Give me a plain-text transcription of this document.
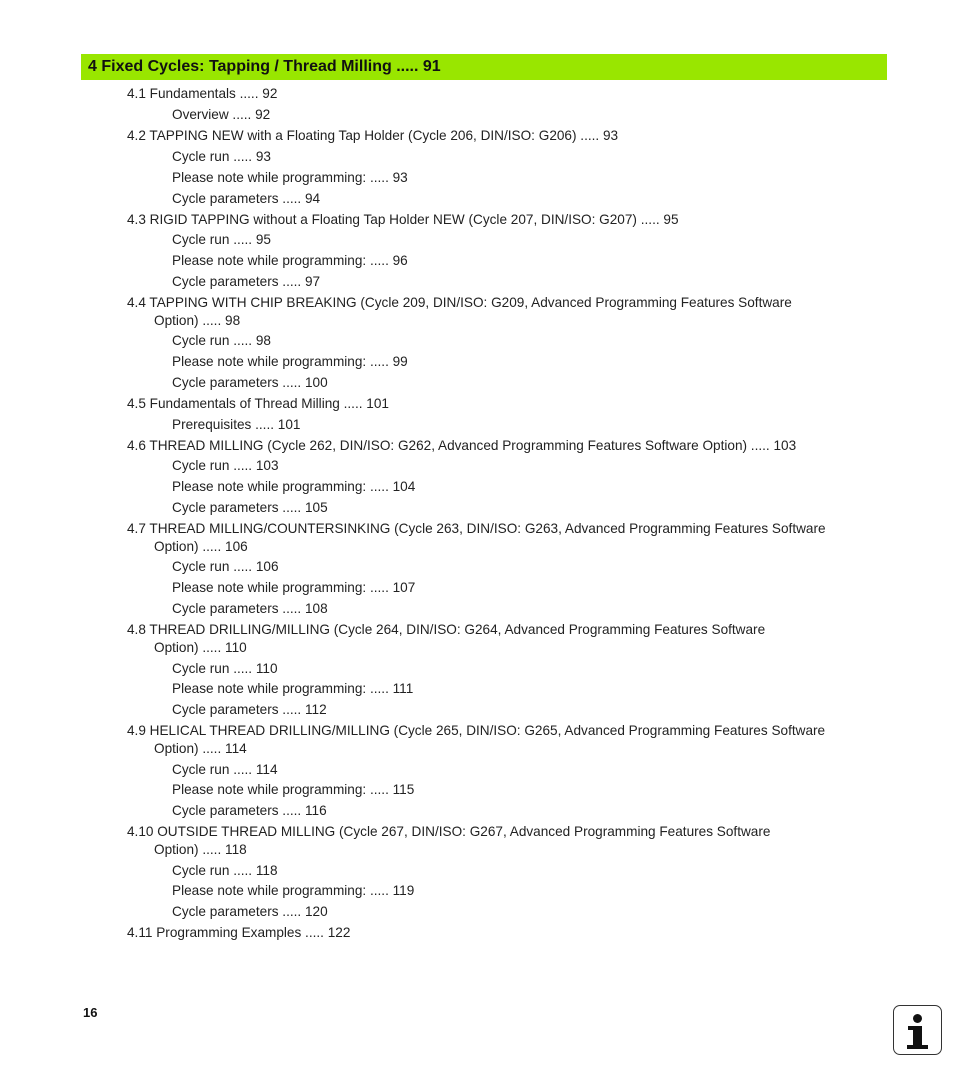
4 Fixed Cycles: Tapping / Thread Milling ..... 91
4.1 Fundamentals ..... 92
Overview ..... 92
4.2 TAPPING NEW with a Floating Tap Holder (Cycle 206, DIN/ISO: G206) ..... 93
Cycle run ..... 93
Please note while programming: ..... 93
Cycle parameters ..... 94
4.3 RIGID TAPPING without a Floating Tap Holder NEW (Cycle 207, DIN/ISO: G207) ..... 95
Cycle run ..... 95
Please note while programming: ..... 96
Cycle parameters ..... 97
4.4 TAPPING WITH CHIP BREAKING (Cycle 209, DIN/ISO: G209, Advanced Programming Features Software
Option) ..... 98
Cycle run ..... 98
Please note while programming: ..... 99
Cycle parameters ..... 100
4.5 Fundamentals of Thread Milling ..... 101
Prerequisites ..... 101
4.6 THREAD MILLING (Cycle 262, DIN/ISO: G262, Advanced Programming Features Software Option) ..... 103
Cycle run ..... 103
Please note while programming: ..... 104
Cycle parameters ..... 105
4.7 THREAD MILLING/COUNTERSINKING (Cycle 263, DIN/ISO: G263, Advanced Programming Features Software
Option) ..... 106
Cycle run ..... 106
Please note while programming: ..... 107
Cycle parameters ..... 108
4.8 THREAD DRILLING/MILLING (Cycle 264, DIN/ISO: G264, Advanced Programming Features Software
Option) ..... 110
Cycle run ..... 110
Please note while programming: ..... 111
Cycle parameters ..... 112
4.9 HELICAL THREAD DRILLING/MILLING (Cycle 265, DIN/ISO: G265, Advanced Programming Features Software
Option) ..... 114
Cycle run ..... 114
Please note while programming: ..... 115
Cycle parameters ..... 116
4.10 OUTSIDE THREAD MILLING (Cycle 267, DIN/ISO: G267, Advanced Programming Features Software
Option) ..... 118
Cycle run ..... 118
Please note while programming: ..... 119
Cycle parameters ..... 120
4.11 Programming Examples ..... 122
16
